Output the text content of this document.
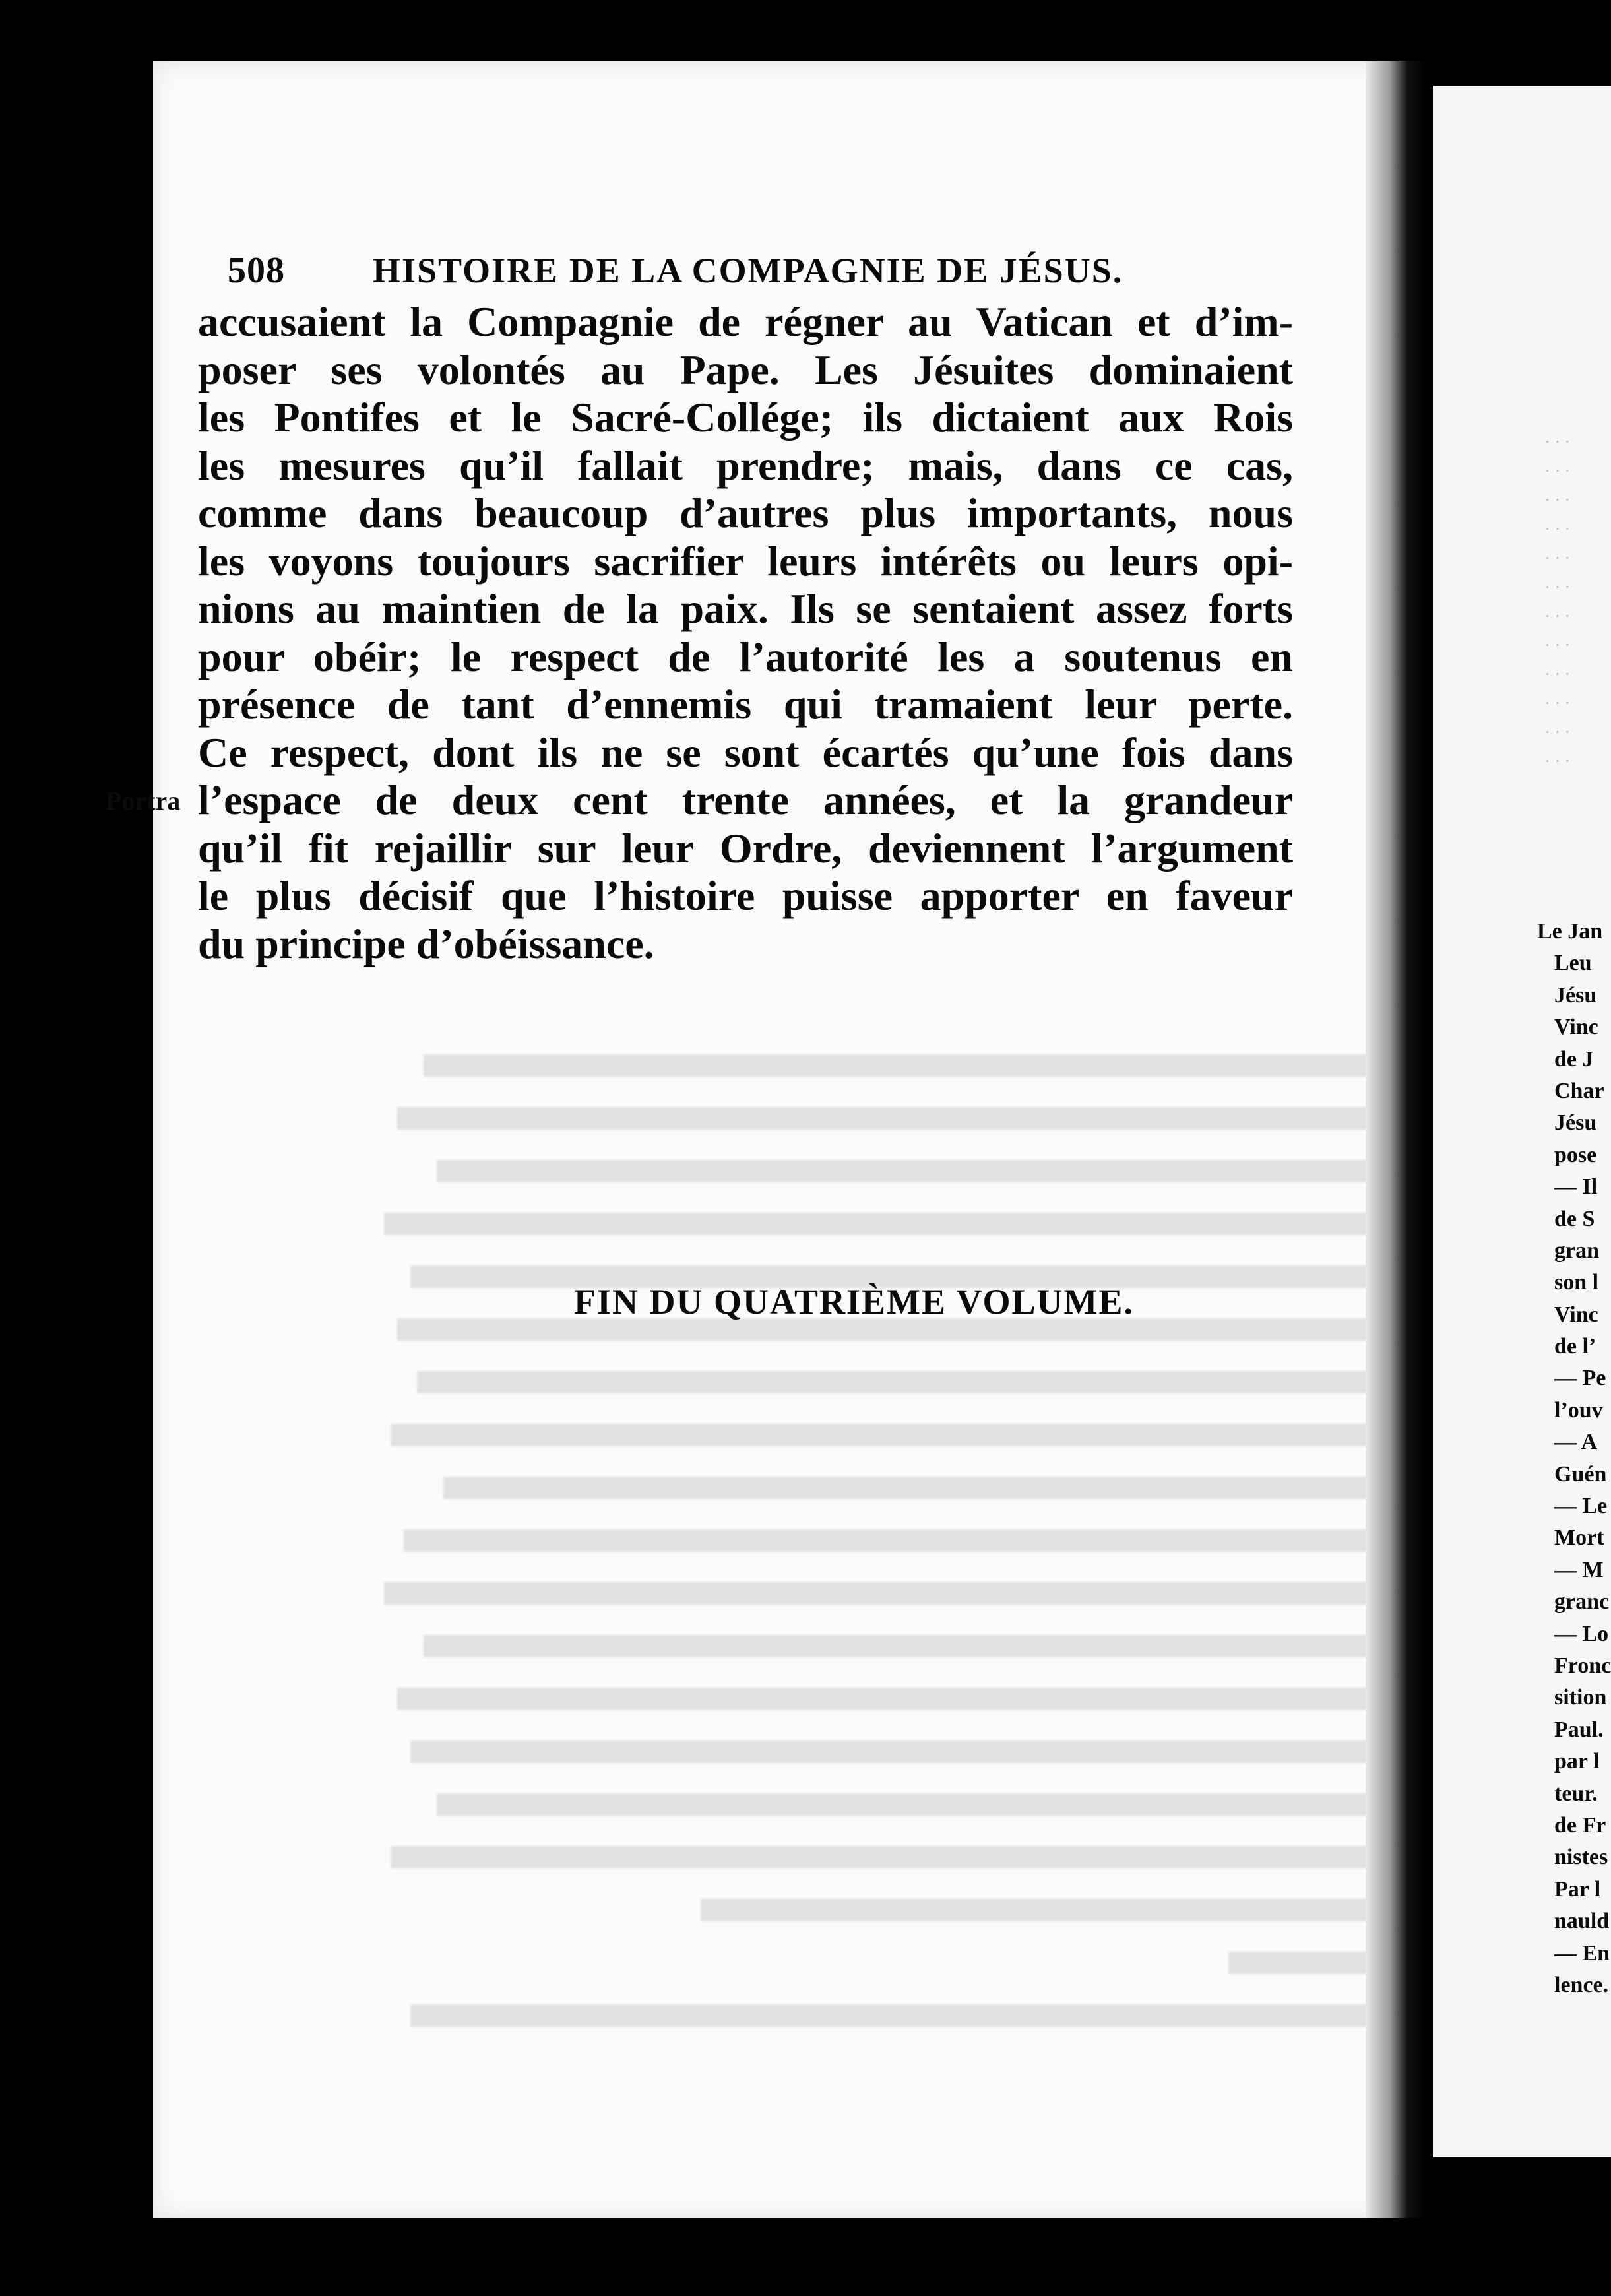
508 HISTOIRE DE LA COMPAGNIE DE JÉSUS.
accusaient la Compagnie de régner au Vatican et d’im-
poser ses volontés au Pape. Les Jésuites dominaient
les Pontifes et le Sacré-Collége; ils dictaient aux Rois
les mesures qu’il fallait prendre; mais, dans ce cas,
comme dans beaucoup d’autres plus importants, nous
les voyons toujours sacrifier leurs intérêts ou leurs opi-
nions au maintien de la paix. Ils se sentaient assez forts
pour obéir; le respect de l’autorité les a soutenus en
présence de tant d’ennemis qui tramaient leur perte.
Ce respect, dont ils ne se sont écartés qu’une fois dans
l’espace de deux cent trente années, et la grandeur
qu’il fit rejaillir sur leur Ordre, deviennent l’argument
le plus décisif que l’histoire puisse apporter en faveur
du principe d’obéissance.
FIN DU QUATRIÈME VOLUME.
. . .
. . .
. . .
. . .
. . .
. . .
. . .
. . .
. . .
. . .
. . .
. . .
Portra
Le Jan
Leu
Jésu
Vinc
de J
Char
Jésu
pose
— Il
de S
gran
son l
Vinc
de l’
— Pe
l’ouv
— A
Guén
— Le
Mort
— M
granc
— Lo
Fronc
sition
Paul.
par l
teur.
de Fr
nistes
Par l
nauld
— En
lence.
